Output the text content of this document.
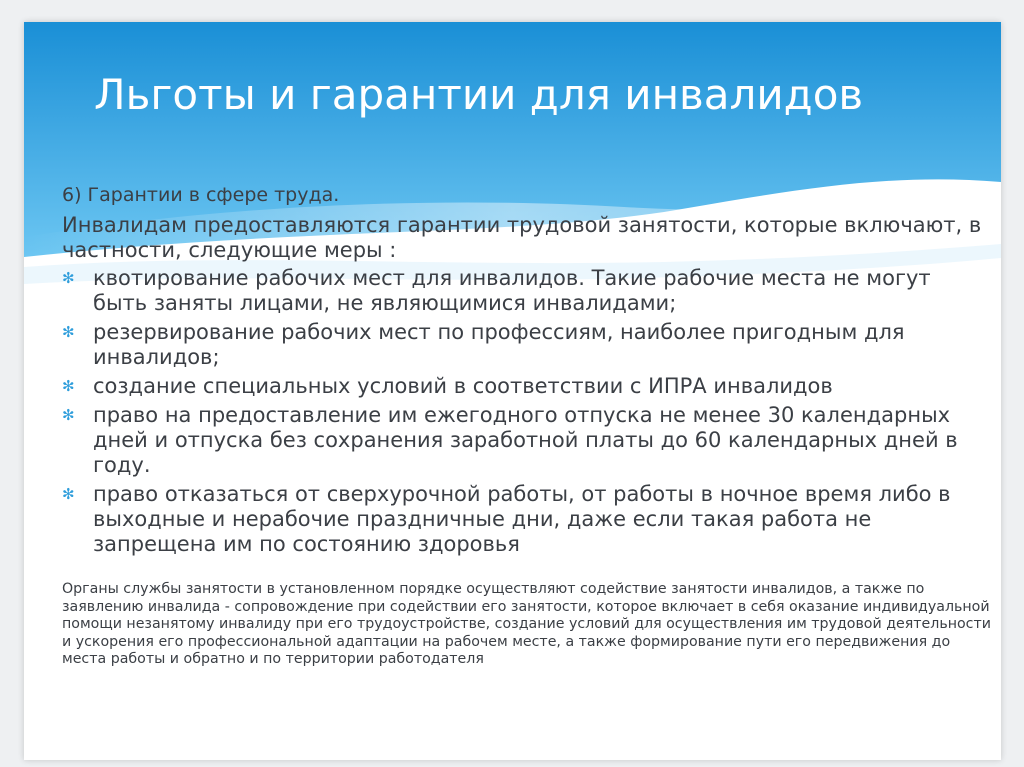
Льготы и гарантии для инвалидов

6) Гарантии в сфере труда.

Инвалидам предоставляются гарантии трудовой занятости, которые включают, в частности, следующие меры :

✻ квотирование рабочих мест для инвалидов. Такие рабочие места не могут быть заняты лицами, не являющимися инвалидами;
✻ резервирование рабочих мест по профессиям, наиболее пригодным для инвалидов;
✻ создание специальных условий в соответствии с ИПРА инвалидов
✻ право на предоставление им ежегодного отпуска не менее 30 календарных дней и отпуска без сохранения заработной платы до 60 календарных дней в году.
✻ право отказаться от сверхурочной работы, от работы в ночное время либо в выходные и нерабочие праздничные дни, даже если такая работа не запрещена им по состоянию здоровья

Органы службы занятости в установленном порядке осуществляют содействие занятости инвалидов, а также по заявлению инвалида - сопровождение при содействии его занятости, которое включает в себя оказание индивидуальной помощи незанятому инвалиду при его трудоустройстве, создание условий для осуществления им трудовой деятельности и ускорения его профессиональной адаптации на рабочем месте, а также формирование пути его передвижения до места работы и обратно и по территории работодателя
